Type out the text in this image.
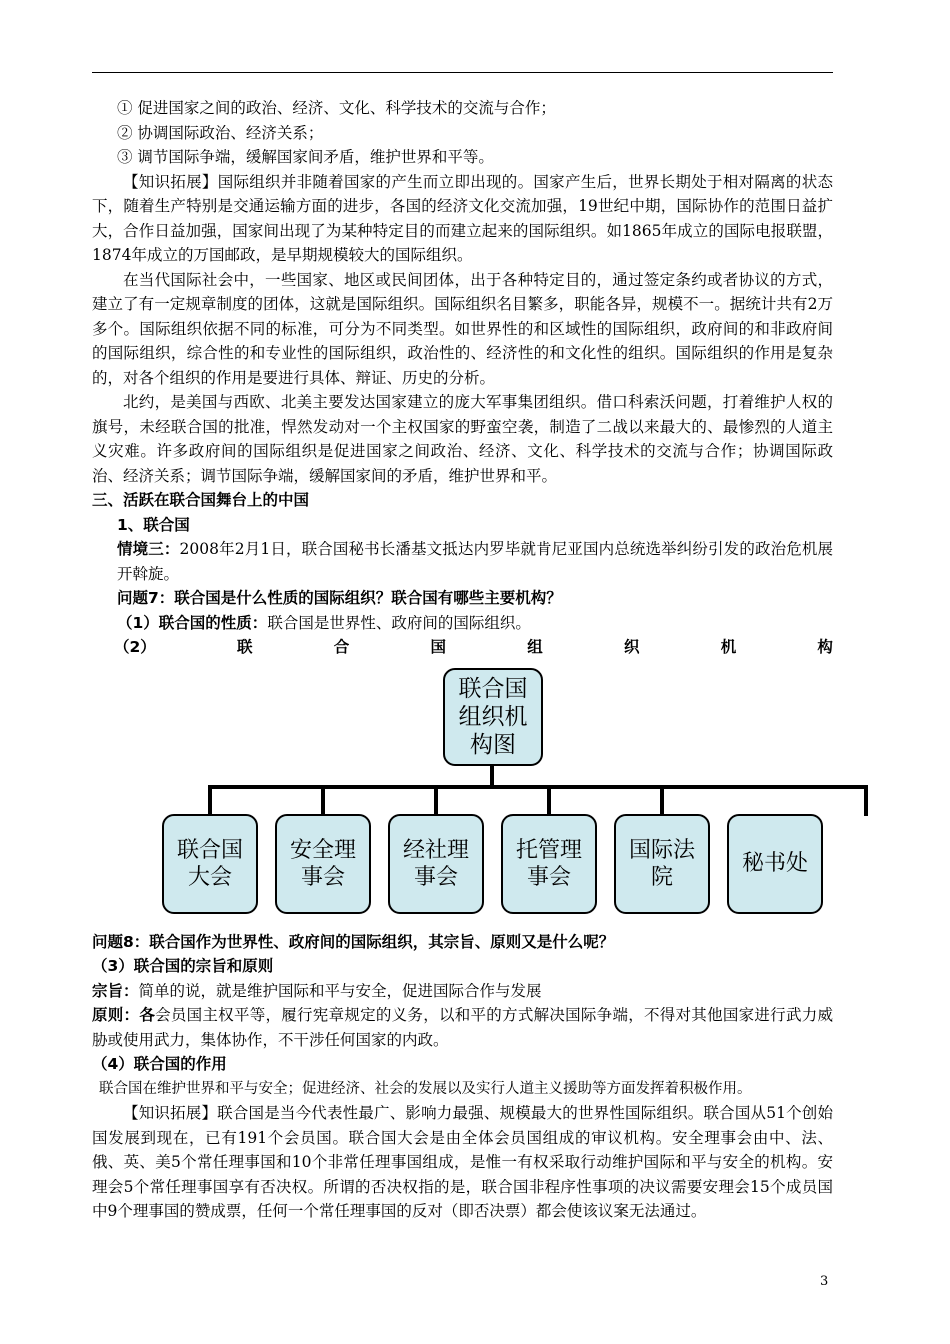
① 促进国家之间的政治、经济、文化、科学技术的交流与合作；

② 协调国际政治、经济关系；

③ 调节国际争端，缓解国家间矛盾，维护世界和平等。

【知识拓展】国际组织并非随着国家的产生而立即出现的。国家产生后，世界长期处于相对隔离的状态下，随着生产特别是交通运输方面的进步，各国的经济文化交流加强，19世纪中期，国际协作的范围日益扩大，合作日益加强，国家间出现了为某种特定目的而建立起来的国际组织。如1865年成立的国际电报联盟，1874年成立的万国邮政，是早期规模较大的国际组织。

在当代国际社会中，一些国家、地区或民间团体，出于各种特定目的，通过签定条约或者协议的方式，建立了有一定规章制度的团体，这就是国际组织。国际组织名目繁多，职能各异，规模不一。据统计共有2万多个。国际组织依据不同的标准，可分为不同类型。如世界性的和区域性的国际组织，政府间的和非政府间的国际组织，综合性的和专业性的国际组织，政治性的、经济性的和文化性的组织。国际组织的作用是复杂的，对各个组织的作用是要进行具体、辩证、历史的分析。

北约，是美国与西欧、北美主要发达国家建立的庞大军事集团组织。借口科索沃问题，打着维护人权的旗号，未经联合国的批准，悍然发动对一个主权国家的野蛮空袭，制造了二战以来最大的、最惨烈的人道主义灾难。许多政府间的国际组织是促进国家之间政治、经济、文化、科学技术的交流与合作；协调国际政治、经济关系；调节国际争端，缓解国家间的矛盾，维护世界和平。

三、活跃在联合国舞台上的中国

1、联合国

情境三：2008年2月1日，联合国秘书长潘基文抵达内罗毕就肯尼亚国内总统选举纠纷引发的政治危机展开斡旋。

问题7：联合国是什么性质的国际组织？联合国有哪些主要机构？

（1）联合国的性质：联合国是世界性、政府间的国际组织。

（2）	联	合	国	组	织	机	构

联合国组织机构图
联合国大会
安全理事会
经社理事会
托管理事会
国际法院
秘书处

问题8：联合国作为世界性、政府间的国际组织，其宗旨、原则又是什么呢？

（3）联合国的宗旨和原则

宗旨：简单的说，就是维护国际和平与安全，促进国际合作与发展

原则：各会员国主权平等，履行宪章规定的义务，以和平的方式解决国际争端，不得对其他国家进行武力威胁或使用武力，集体协作，不干涉任何国家的内政。

（4）联合国的作用

联合国在维护世界和平与安全；促进经济、社会的发展以及实行人道主义援助等方面发挥着积极作用。

【知识拓展】联合国是当今代表性最广、影响力最强、规模最大的世界性国际组织。联合国从51个创始国发展到现在，已有191个会员国。联合国大会是由全体会员国组成的审议机构。安全理事会由中、法、俄、英、美5个常任理事国和10个非常任理事国组成，是惟一有权采取行动维护国际和平与安全的机构。安理会5个常任理事国享有否决权。所谓的否决权指的是，联合国非程序性事项的决议需要安理会15个成员国中9个理事国的赞成票，任何一个常任理事国的反对（即否决票）都会使该议案无法通过。

3
